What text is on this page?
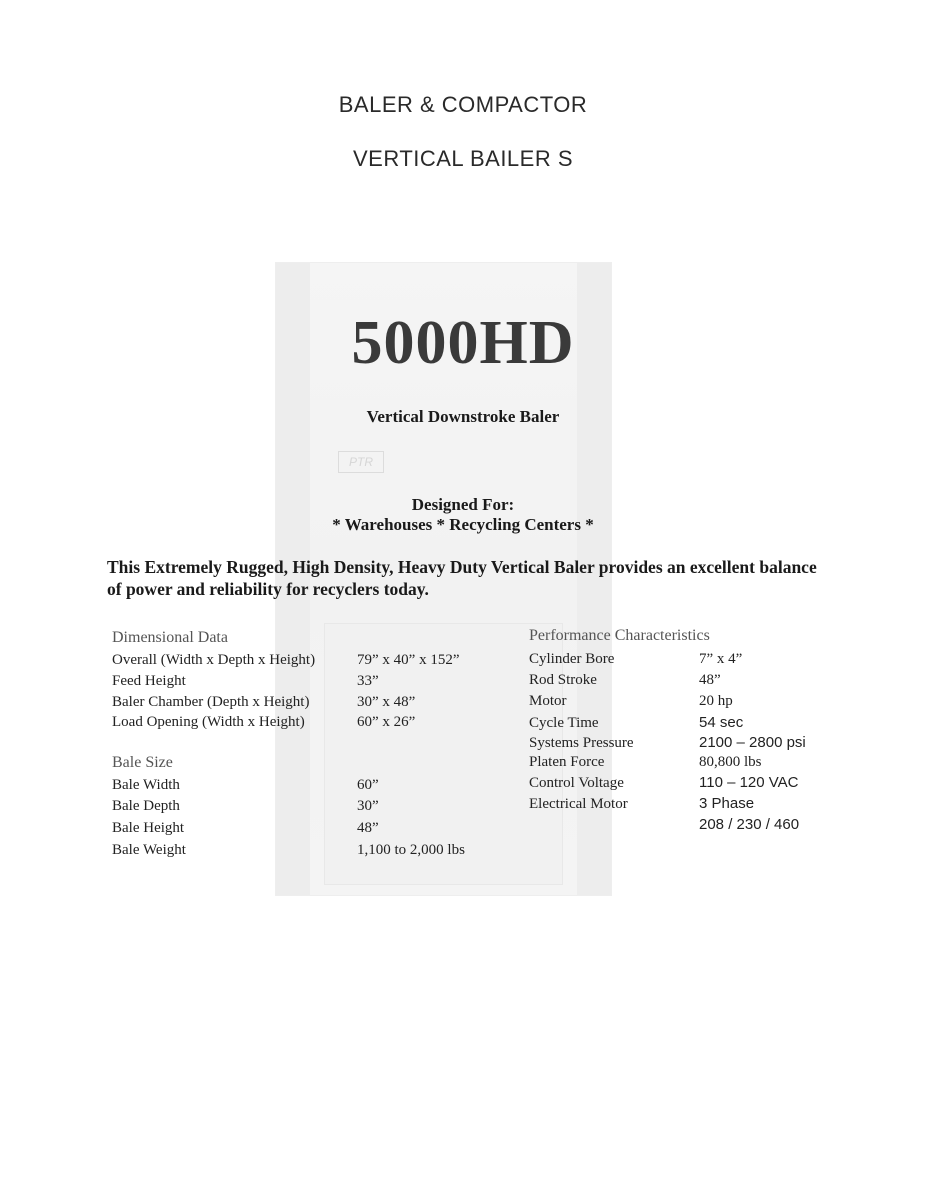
PTR
BALER & COMPACTOR
VERTICAL BAILER S
5000HD
Vertical Downstroke Baler
Designed For:
* Warehouses * Recycling Centers *
This Extremely Rugged, High Density, Heavy Duty Vertical Baler provides an excellent balance of power and reliability for recyclers today.
Dimensional Data
Overall (Width x Depth x Height)	79” x 40” x 152”
Feed Height	33”
Baler Chamber (Depth x Height)	30” x 48”
Load Opening (Width x Height)	60” x 26”
Bale Size
Bale Width	60”
Bale Depth	30”
Bale Height	48”
Bale Weight	1,100 to 2,000 lbs
Performance Characteristics
Cylinder Bore	7” x 4”
Rod Stroke	48”
Motor	20 hp
Cycle Time	54 sec
Systems Pressure	2100 – 2800 psi
Platen Force	80,800 lbs
Control Voltage	110 – 120 VAC
Electrical Motor	3 Phase
208 / 230 / 460
